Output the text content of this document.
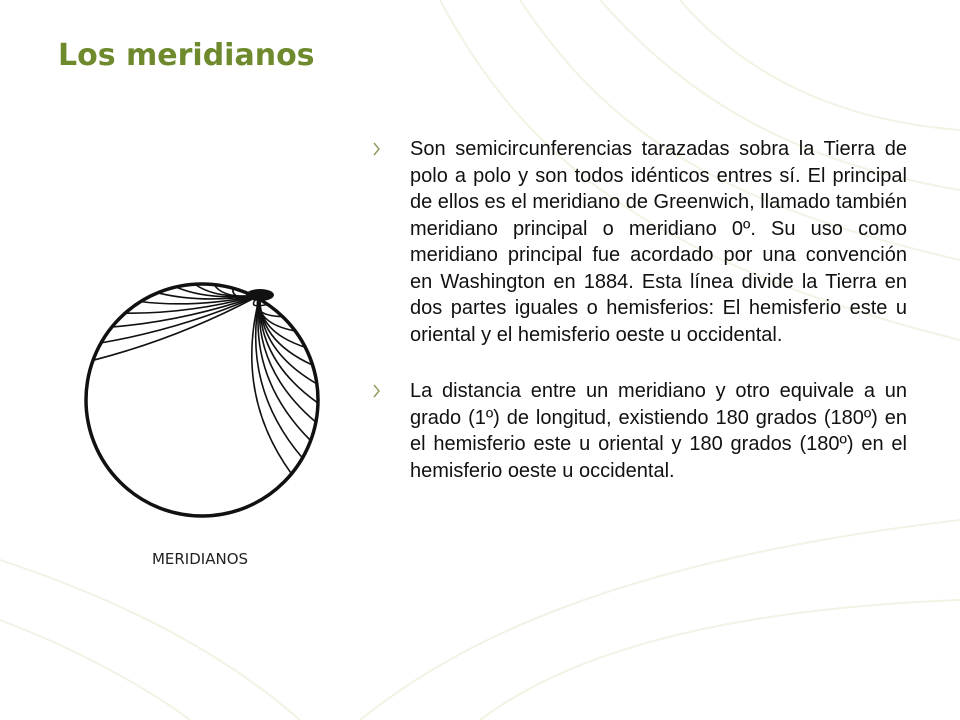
Los meridianos
MERIDIANOS

Son semicircunferencias tarazadas sobra la Tierra de polo a polo y son todos idénticos entres sí. El principal de ellos es el meridiano de Greenwich, llamado también meridiano principal o meridiano 0º. Su uso como meridiano principal fue acordado por una convención en Washington en 1884. Esta línea divide la Tierra en dos partes iguales o hemisferios: El hemisferio este u oriental y el hemisferio oeste u occidental.

La distancia entre un meridiano y otro equivale a un grado (1º) de longitud, existiendo 180 grados (180º) en el hemisferio este u oriental y 180 grados (180º) en el hemisferio oeste u occidental.
